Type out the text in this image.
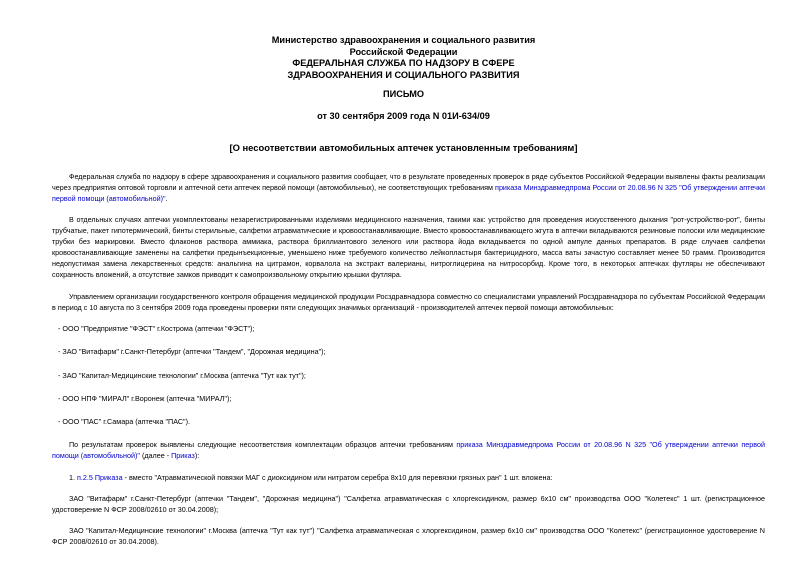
Министерство здравоохранения и социального развития
Российской Федерации
ФЕДЕРАЛЬНАЯ СЛУЖБА ПО НАДЗОРУ В СФЕРЕ
ЗДРАВООХРАНЕНИЯ И СОЦИАЛЬНОГО РАЗВИТИЯ
ПИСЬМО
от 30 сентября 2009 года N 01И-634/09
[О несоответствии автомобильных аптечек установленным требованиям]

Федеральная служба по надзору в сфере здравоохранения и социального развития сообщает, что в результате проведенных проверок в ряде субъектов Российской Федерации выявлены факты реализации через предприятия оптовой торговли и аптечной сети аптечек первой помощи (автомобильных), не соответствующих требованиям приказа Минздравмедпрома России от 20.08.96 N 325 "Об утверждении аптечки первой помощи (автомобильной)".

В отдельных случаях аптечки укомплектованы незарегистрированными изделиями медицинского назначения, такими как: устройство для проведения искусственного дыхания "рот-устройство-рот", бинты трубчатые, пакет гипотермический, бинты стерильные, салфетки атравматические и кровоостанавливающие. Вместо кровоостанавливающего жгута в аптечки вкладываются резиновые полоски или медицинские трубки без маркировки. Вместо флаконов раствора аммиака, раствора бриллиантового зеленого или раствора йода вкладывается по одной ампуле данных препаратов. В ряде случаев салфетки кровоостанавливающие заменены на салфетки предынъекционные, уменьшено ниже требуемого количество лейкопластыря бактерицидного, масса ваты зачастую составляет менее 50 грамм. Производится недопустимая замена лекарственных средств: анальгина на цитрамон, корвалола на экстракт валерианы, нитроглицерина на нитросорбид. Кроме того, в некоторых аптечках футляры не обеспечивают сохранность вложений, а отсутствие замков приводит к самопроизвольному открытию крышки футляра.

Управлением организации государственного контроля обращения медицинской продукции Росздравнадзора совместно со специалистами управлений Росздравнадзора по субъектам Российской Федерации в период с 10 августа по 3 сентября 2009 года проведены проверки пяти следующих значимых организаций - производителей аптечек первой помощи автомобильных:

- ООО "Предприятие "ФЭСТ" г.Кострома (аптечки "ФЭСТ");

- ЗАО "Витафарм" г.Санкт-Петербург (аптечки "Тандем", "Дорожная медицина");

- ЗАО "Капитал-Медицинские технологии" г.Москва (аптечка "Тут как тут");

- ООО НПФ "МИРАЛ" г.Воронеж (аптечка "МИРАЛ");

- ООО "ПАС" г.Самара (аптечка "ПАС").

По результатам проверок выявлены следующие несоответствия комплектации образцов аптечки требованиям приказа Минздравмедпрома России от 20.08.96 N 325 "Об утверждении аптечки первой помощи (автомобильной)" (далее - Приказ):

1. п.2.5 Приказа - вместо "Атравматической повязки МАГ с диоксидином или нитратом серебра 8х10 для перевязки грязных ран" 1 шт. вложена:

ЗАО "Витафарм" г.Санкт-Петербург (аптечки "Тандем", "Дорожная медицина") "Салфетка атравматическая с хлоргексидином, размер 6х10 см" производства ООО "Колетекс" 1 шт. (регистрационное удостоверение N ФСР 2008/02610 от 30.04.2008);

ЗАО "Капитал-Медицинские технологии" г.Москва (аптечка "Тут как тут") "Салфетка атравматическая с хлоргексидином, размер 6х10 см" производства ООО "Колетекс" (регистрационное удостоверение N ФСР 2008/02610 от 30.04.2008).
